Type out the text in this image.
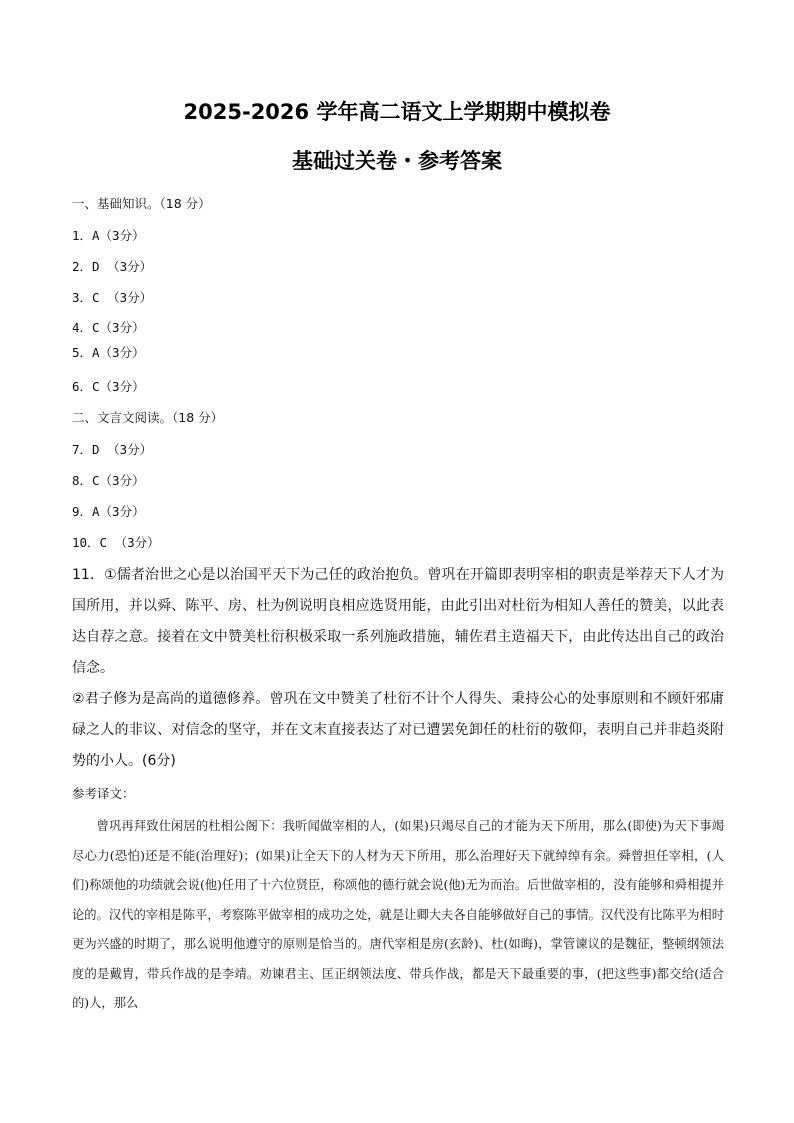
2025-2026 学年高二语文上学期期中模拟卷
基础过关卷・参考答案
一、基础知识。（18 分）
1．A（3分）
2．D （3分）
3．C （3分）
4．C（3分）
5．A（3分）
6．C（3分）
二、文言文阅读。（18 分）
7．D （3分）
8．C（3分）
9．A（3分）
10．C （3分）
11．①儒者治世之心是以治国平天下为己任的政治抱负。曾巩在开篇即表明宰相的职责是举荐天下人才为国所用，并以舜、陈平、房、杜为例说明良相应选贤用能，由此引出对杜衍为相知人善任的赞美，以此表达自荐之意。接着在文中赞美杜衍积极采取一系列施政措施，辅佐君主造福天下，由此传达出自己的政治信念。
②君子修为是高尚的道德修养。曾巩在文中赞美了杜衍不计个人得失、秉持公心的处事原则和不顾奸邪庸碌之人的非议、对信念的坚守，并在文末直接表达了对已遭罢免卸任的杜衍的敬仰，表明自己并非趋炎附势的小人。(6分)
参考译文：
曾巩再拜致仕闲居的杜相公阁下：我听闻做宰相的人，(如果)只竭尽自己的才能为天下所用，那么(即使)为天下事竭尽心力(恐怕)还是不能(治理好)；(如果)让全天下的人材为天下所用，那么治理好天下就绰绰有余。舜曾担任宰相，(人们)称颂他的功绩就会说(他)任用了十六位贤臣，称颂他的德行就会说(他)无为而治。后世做宰相的，没有能够和舜相提并论的。汉代的宰相是陈平，考察陈平做宰相的成功之处，就是让卿大夫各自能够做好自己的事情。汉代没有比陈平为相时更为兴盛的时期了，那么说明他遵守的原则是恰当的。唐代宰相是房(玄龄)、杜(如晦)，掌管谏议的是魏征，整顿纲领法度的是戴胄，带兵作战的是李靖。劝谏君主、匡正纲领法度、带兵作战，都是天下最重要的事，(把这些事)都交给(适合的)人，那么
